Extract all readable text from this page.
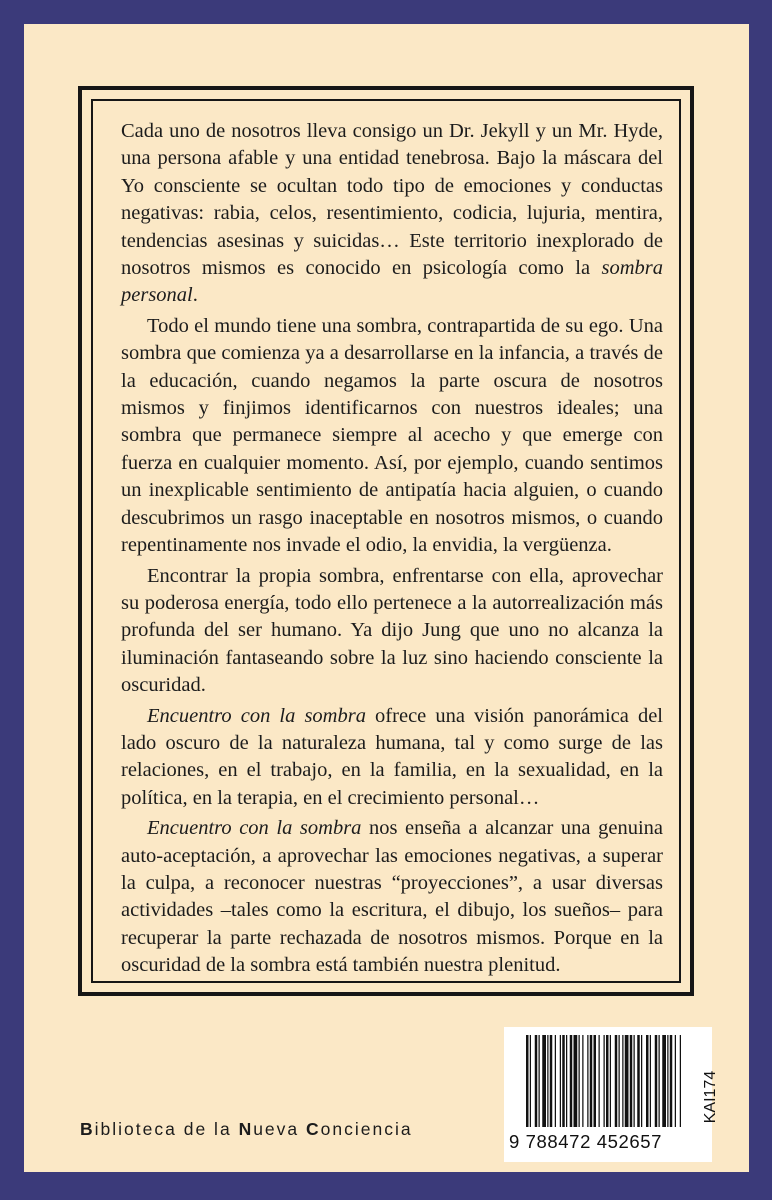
Cada uno de nosotros lleva consigo un Dr. Jekyll y un Mr. Hyde, una persona afable y una entidad tenebrosa. Bajo la máscara del Yo consciente se ocultan todo tipo de emociones y conductas negativas: rabia, celos, resentimiento, codicia, lujuria, mentira, tendencias asesinas y suicidas… Este territorio inexplorado de nosotros mismos es conocido en psicología como la sombra personal.

Todo el mundo tiene una sombra, contrapartida de su ego. Una sombra que comienza ya a desarrollarse en la infancia, a través de la educación, cuando negamos la parte oscura de nosotros mismos y finjimos identificarnos con nuestros ideales; una sombra que permanece siempre al acecho y que emerge con fuerza en cualquier momento. Así, por ejemplo, cuando sentimos un inexplicable sentimiento de antipatía hacia alguien, o cuando descubrimos un rasgo inaceptable en nosotros mismos, o cuando repentinamente nos invade el odio, la envidia, la vergüenza.

Encontrar la propia sombra, enfrentarse con ella, aprovechar su poderosa energía, todo ello pertenece a la autorrealización más profunda del ser humano. Ya dijo Jung que uno no alcanza la iluminación fantaseando sobre la luz sino haciendo consciente la oscuridad.

Encuentro con la sombra ofrece una visión panorámica del lado oscuro de la naturaleza humana, tal y como surge de las relaciones, en el trabajo, en la familia, en la sexualidad, en la política, en la terapia, en el crecimiento personal…

Encuentro con la sombra nos enseña a alcanzar una genuina auto-aceptación, a aprovechar las emociones negativas, a superar la culpa, a reconocer nuestras “proyecciones”, a usar diversas actividades –tales como la escritura, el dibujo, los sueños– para recuperar la parte rechazada de nosotros mismos. Porque en la oscuridad de la sombra está también nuestra plenitud.

Biblioteca de la Nueva Conciencia
9 788472 452657
KAI174
